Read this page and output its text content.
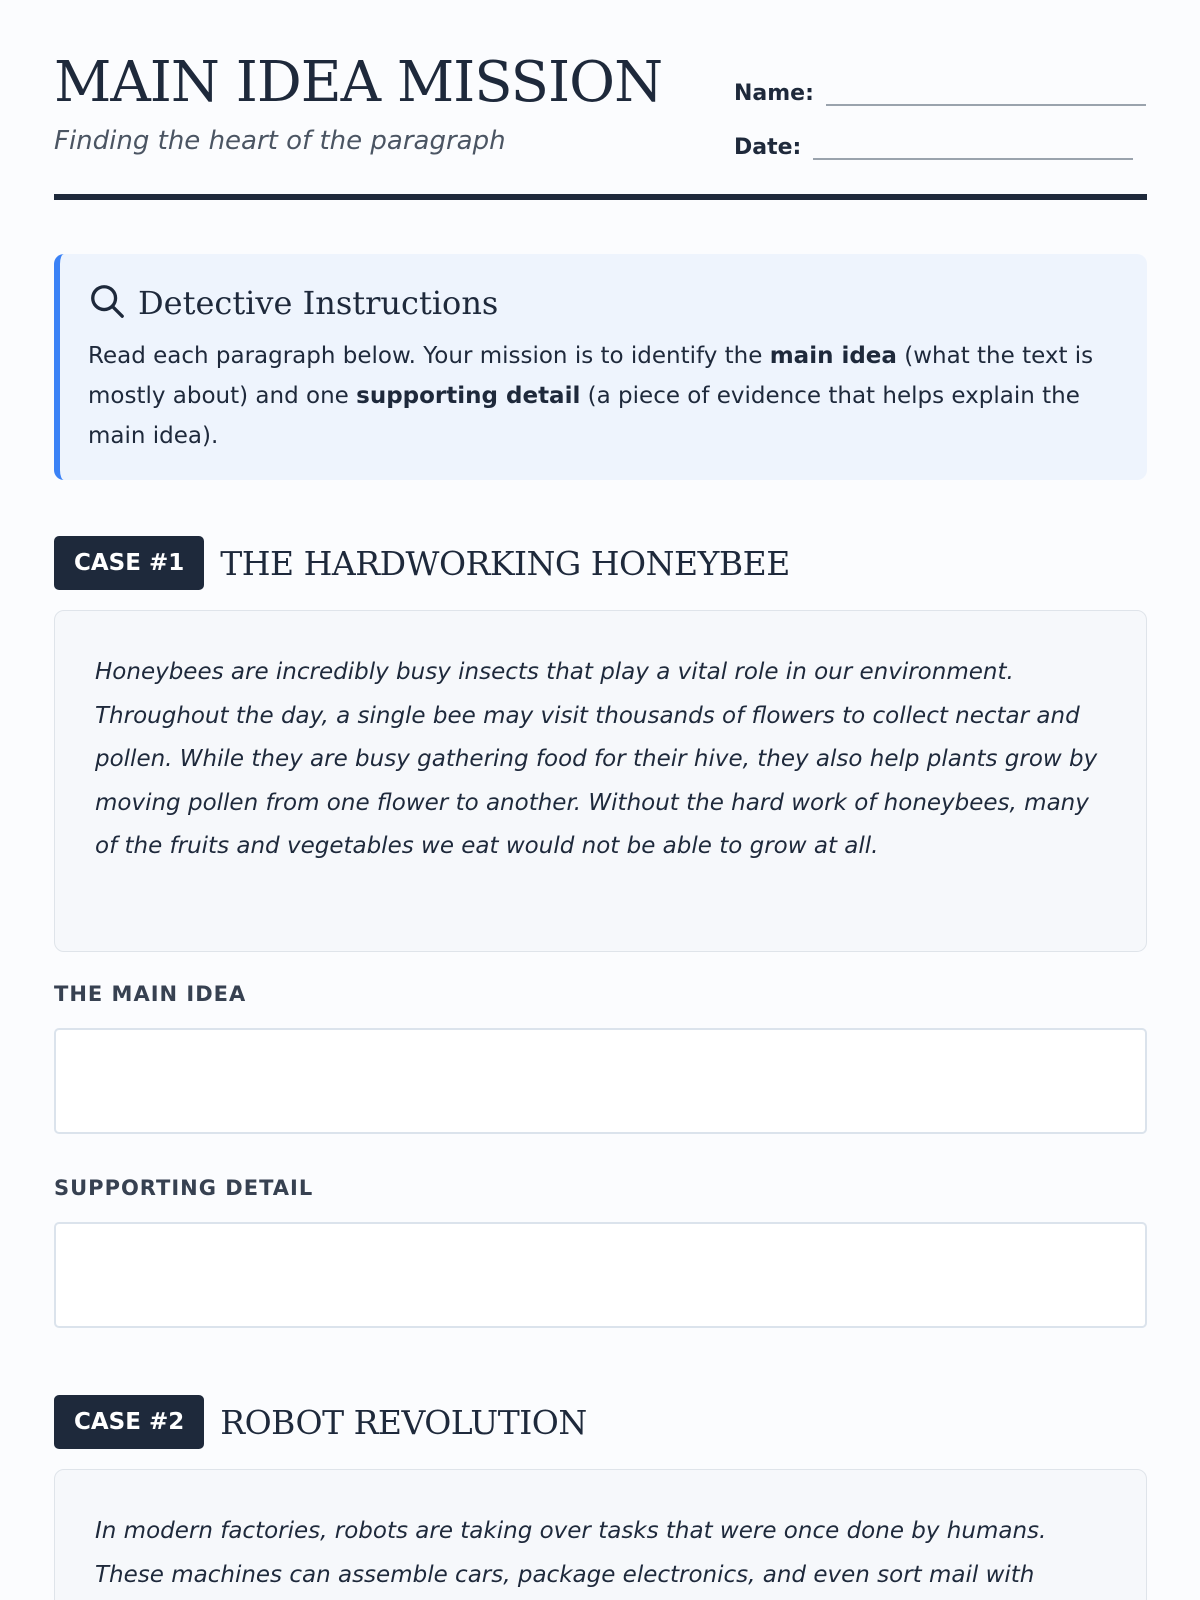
MAIN IDEA MISSION
Finding the heart of the paragraph
Name:
Date:
Detective Instructions
Read each paragraph below. Your mission is to identify the main idea (what the text is mostly about) and one supporting detail (a piece of evidence that helps explain the main idea).
CASE #1	THE HARDWORKING HONEYBEE
Honeybees are incredibly busy insects that play a vital role in our environment. Throughout the day, a single bee may visit thousands of flowers to collect nectar and pollen. While they are busy gathering food for their hive, they also help plants grow by moving pollen from one flower to another. Without the hard work of honeybees, many of the fruits and vegetables we eat would not be able to grow at all.
THE MAIN IDEA
SUPPORTING DETAIL
CASE #2	ROBOT REVOLUTION
In modern factories, robots are taking over tasks that were once done by humans. These machines can assemble cars, package electronics, and even sort mail with
